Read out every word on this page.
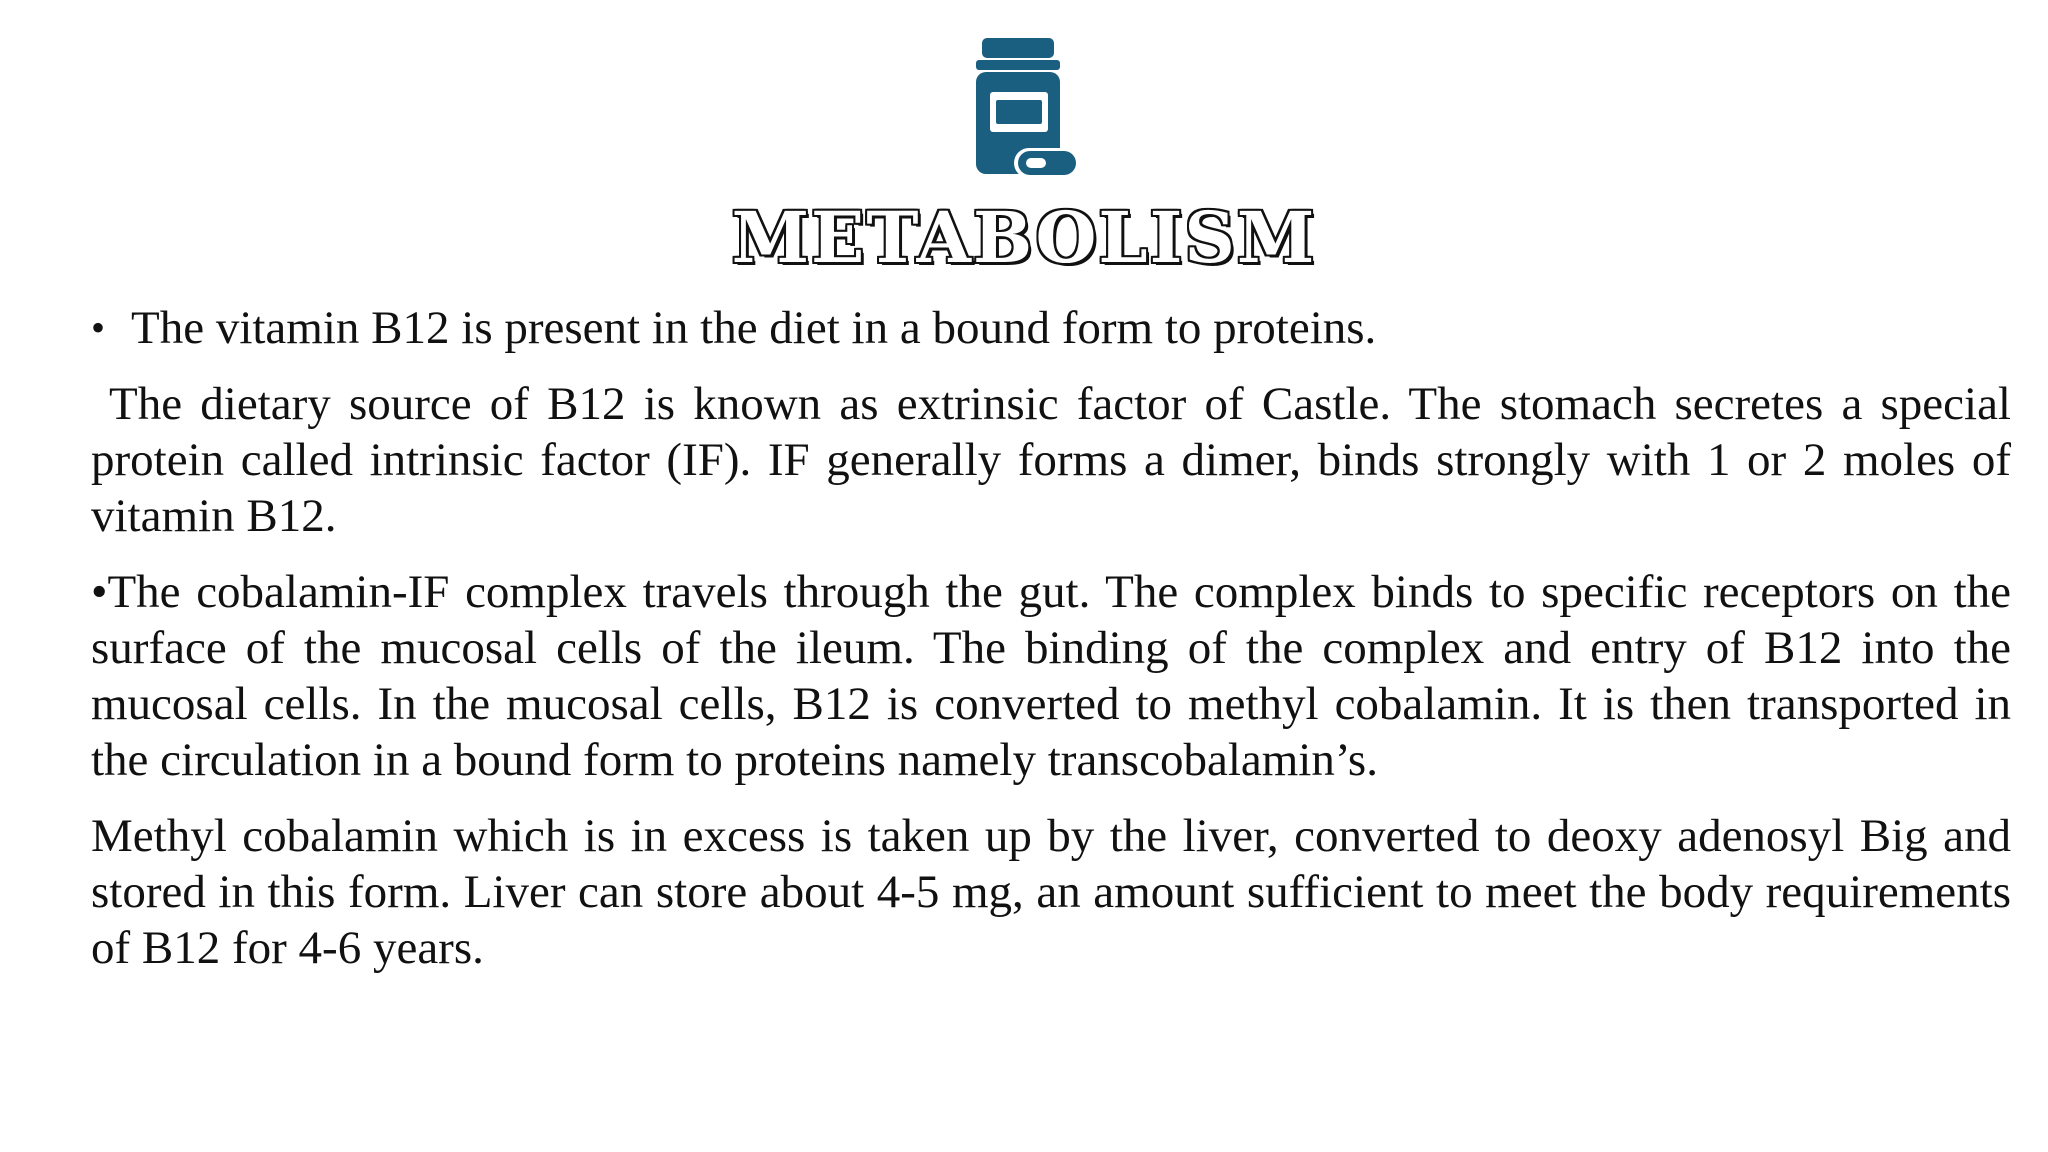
METABOLISM
• The vitamin B12 is present in the diet in a bound form to proteins.
The dietary source of B12 is known as extrinsic factor of Castle. The stomach secretes a special protein called intrinsic factor (IF). IF generally forms a dimer, binds strongly with 1 or 2 moles of vitamin B12.
•The cobalamin-IF complex travels through the gut. The complex binds to specific receptors on the surface of the mucosal cells of the ileum. The binding of the complex and entry of B12 into the mucosal cells. In the mucosal cells, B12 is converted to methyl cobalamin. It is then transported in the circulation in a bound form to proteins namely transcobalamin’s.
Methyl cobalamin which is in excess is taken up by the liver, converted to deoxy adenosyl Big and stored in this form. Liver can store about 4-5 mg, an amount sufficient to meet the body requirements of B12 for 4-6 years.
